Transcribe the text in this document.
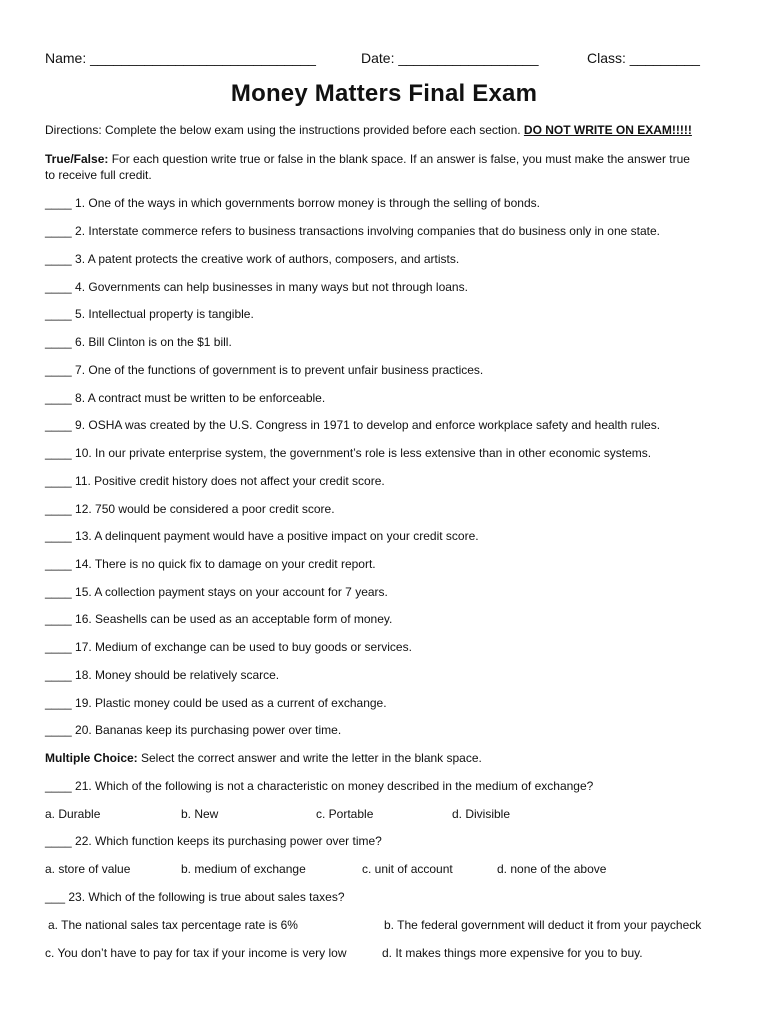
Name: _____________________________	Date: __________________	Class: _________
Money Matters Final Exam
Directions: Complete the below exam using the instructions provided before each section. DO NOT WRITE ON EXAM!!!!!
True/False: For each question write true or false in the blank space. If an answer is false, you must make the answer true
to receive full credit.
____ 1. One of the ways in which governments borrow money is through the selling of bonds.
____ 2. Interstate commerce refers to business transactions involving companies that do business only in one state.
____ 3. A patent protects the creative work of authors, composers, and artists.
____ 4. Governments can help businesses in many ways but not through loans.
____ 5. Intellectual property is tangible.
____ 6. Bill Clinton is on the $1 bill.
____ 7. One of the functions of government is to prevent unfair business practices.
____ 8. A contract must be written to be enforceable.
____ 9. OSHA was created by the U.S. Congress in 1971 to develop and enforce workplace safety and health rules.
____ 10. In our private enterprise system, the government’s role is less extensive than in other economic systems.
____ 11. Positive credit history does not affect your credit score.
____ 12. 750 would be considered a poor credit score.
____ 13. A delinquent payment would have a positive impact on your credit score.
____ 14. There is no quick fix to damage on your credit report.
____ 15. A collection payment stays on your account for 7 years.
____ 16. Seashells can be used as an acceptable form of money.
____ 17. Medium of exchange can be used to buy goods or services.
____ 18. Money should be relatively scarce.
____ 19. Plastic money could be used as a current of exchange.
____ 20. Bananas keep its purchasing power over time.
Multiple Choice: Select the correct answer and write the letter in the blank space.
____ 21. Which of the following is not a characteristic on money described in the medium of exchange?
a. Durable	b. New	c. Portable	d. Divisible
____ 22. Which function keeps its purchasing power over time?
a. store of value	b. medium of exchange	c. unit of account	d. none of the above
___ 23. Which of the following is true about sales taxes?
a. The national sales tax percentage rate is 6%	b. The federal government will deduct it from your paycheck
c. You don’t have to pay for tax if your income is very low	d. It makes things more expensive for you to buy.
